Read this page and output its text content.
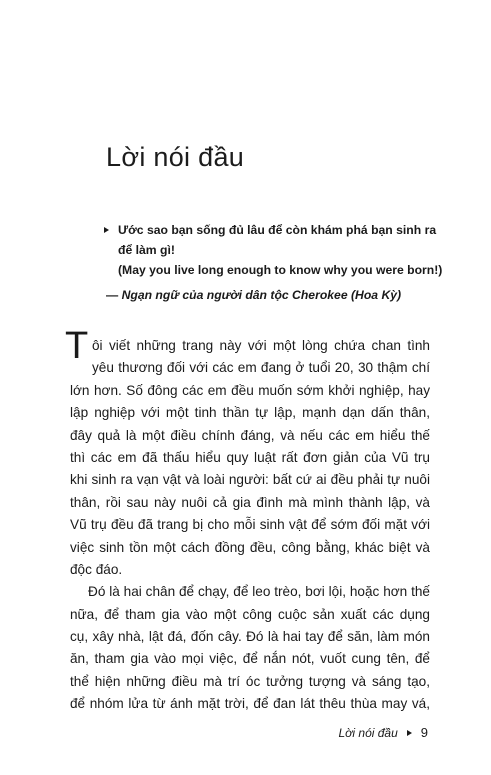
Lời nói đầu
Ước sao bạn sống đủ lâu để còn khám phá bạn sinh ra
để làm gì!
(May you live long enough to know why you were born!)
— Ngạn ngữ của người dân tộc Cherokee (Hoa Kỳ)
T ôi viết những trang này với một lòng chứa chan tình
yêu thương đối với các em đang ở tuổi 20, 30 thậm chí
lớn hơn. Số đông các em đều muốn sớm khởi nghiệp, hay
lập nghiệp với một tinh thần tự lập, mạnh dạn dấn thân,
đây quả là một điều chính đáng, và nếu các em hiểu thế
thì các em đã thấu hiểu quy luật rất đơn giản của Vũ trụ
khi sinh ra vạn vật và loài người: bất cứ ai đều phải tự nuôi
thân, rồi sau này nuôi cả gia đình mà mình thành lập, và
Vũ trụ đều đã trang bị cho mỗi sinh vật để sớm đối mặt với
việc sinh tồn một cách đồng đều, công bằng, khác biệt và
độc đáo.
Đó là hai chân để chạy, để leo trèo, bơi lội, hoặc hơn thế
nữa, để tham gia vào một công cuộc sản xuất các dụng
cụ, xây nhà, lật đá, đốn cây. Đó là hai tay để săn, làm món
ăn, tham gia vào mọi việc, để nắn nót, vuốt cung tên, để
thể hiện những điều mà trí óc tưởng tượng và sáng tạo,
để nhóm lửa từ ánh mặt trời, để đan lát thêu thùa may vá,
Lời nói đầu 9
